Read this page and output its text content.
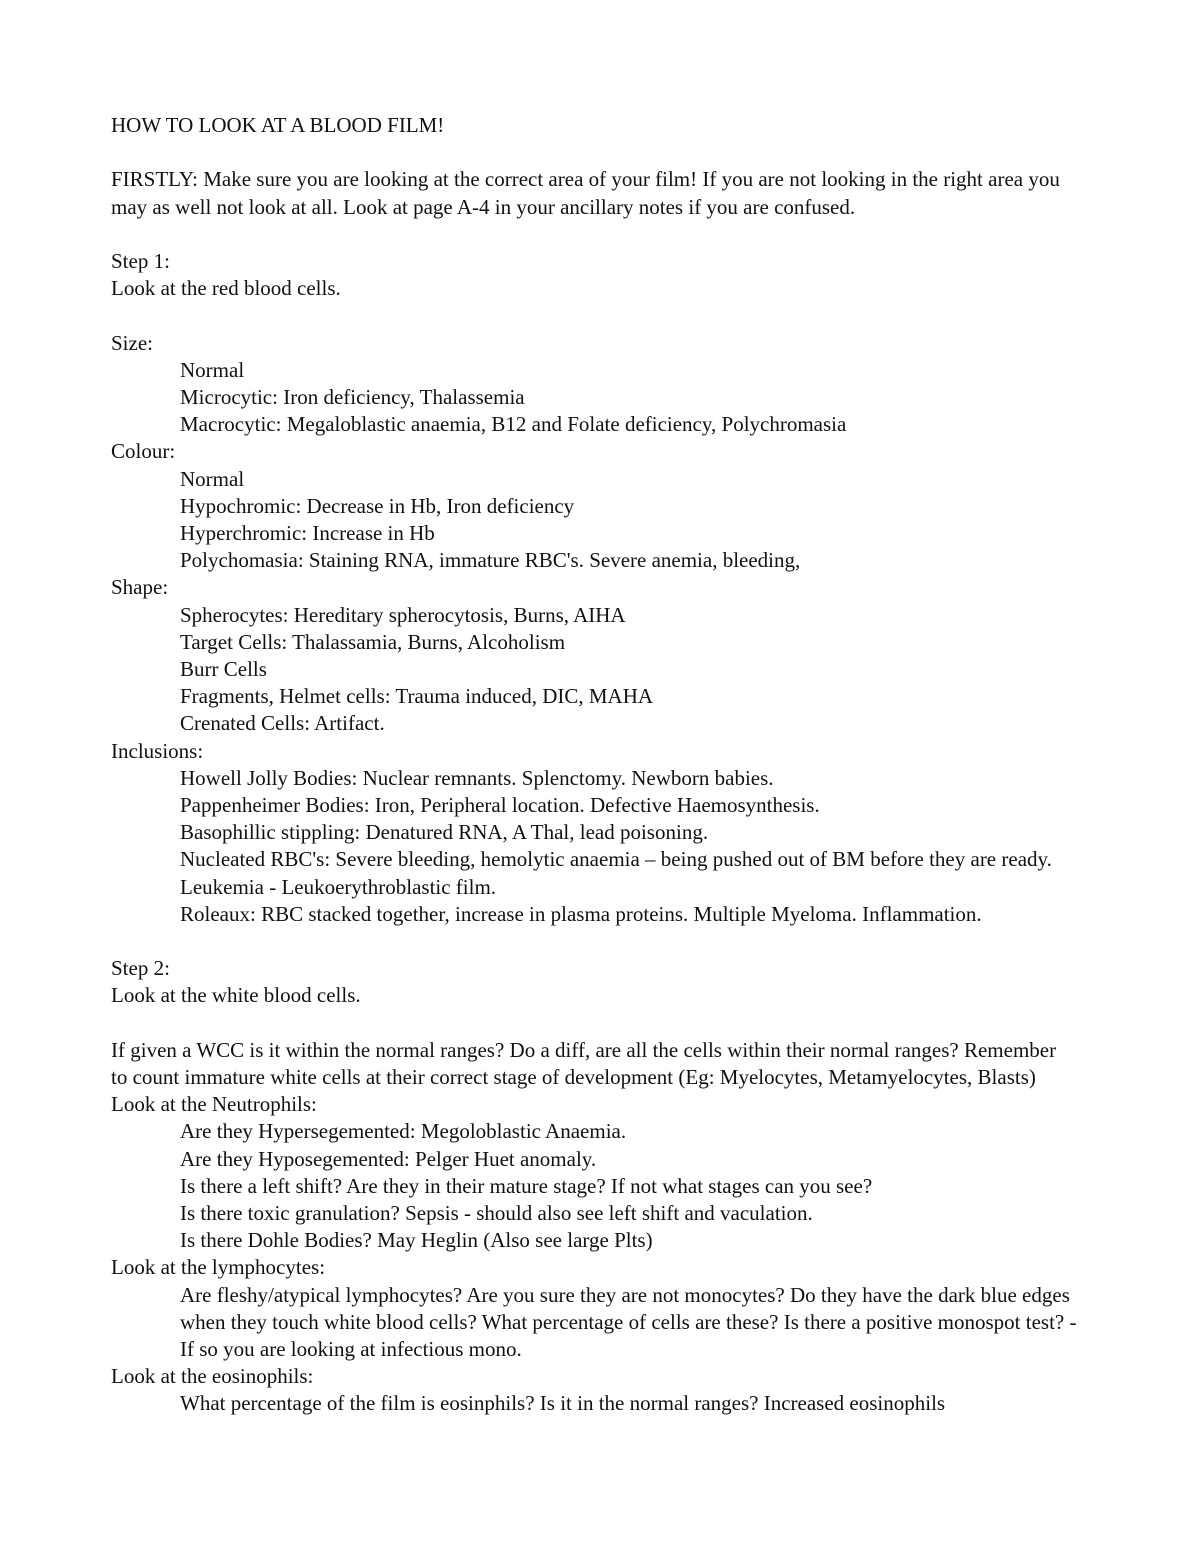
HOW TO LOOK AT A BLOOD FILM!
FIRSTLY: Make sure you are looking at the correct area of your film! If you are not looking in the right area you may as well not look at all. Look at page A-4 in your ancillary notes if you are confused.
Step 1:
Look at the red blood cells.
Size:
Normal
Microcytic: Iron deficiency, Thalassemia
Macrocytic: Megaloblastic anaemia, B12 and Folate deficiency, Polychromasia
Colour:
Normal
Hypochromic: Decrease in Hb, Iron deficiency
Hyperchromic: Increase in Hb
Polychomasia: Staining RNA, immature RBC's. Severe anemia, bleeding,
Shape:
Spherocytes: Hereditary spherocytosis, Burns, AIHA
Target Cells: Thalassamia, Burns, Alcoholism
Burr Cells
Fragments, Helmet cells: Trauma induced, DIC, MAHA
Crenated Cells: Artifact.
Inclusions:
Howell Jolly Bodies: Nuclear remnants. Splenctomy. Newborn babies.
Pappenheimer Bodies: Iron, Peripheral location. Defective Haemosynthesis.
Basophillic stippling: Denatured RNA, A Thal, lead poisoning.
Nucleated RBC's: Severe bleeding, hemolytic anaemia – being pushed out of BM before they are ready. Leukemia - Leukoerythroblastic film.
Roleaux: RBC stacked together, increase in plasma proteins. Multiple Myeloma. Inflammation.
Step 2:
Look at the white blood cells.
If given a WCC is it within the normal ranges? Do a diff, are all the cells within their normal ranges? Remember to count immature white cells at their correct stage of development (Eg: Myelocytes, Metamyelocytes, Blasts)
Look at the Neutrophils:
Are they Hypersegemented: Megoloblastic Anaemia.
Are they Hyposegemented: Pelger Huet anomaly.
Is there a left shift? Are they in their mature stage? If not what stages can you see?
Is there toxic granulation? Sepsis - should also see left shift and vaculation.
Is there Dohle Bodies? May Heglin (Also see large Plts)
Look at the lymphocytes:
Are fleshy/atypical lymphocytes? Are you sure they are not monocytes? Do they have the dark blue edges when they touch white blood cells? What percentage of cells are these? Is there a positive monospot test? - If so you are looking at infectious mono.
Look at the eosinophils:
What percentage of the film is eosinphils? Is it in the normal ranges? Increased eosinophils
